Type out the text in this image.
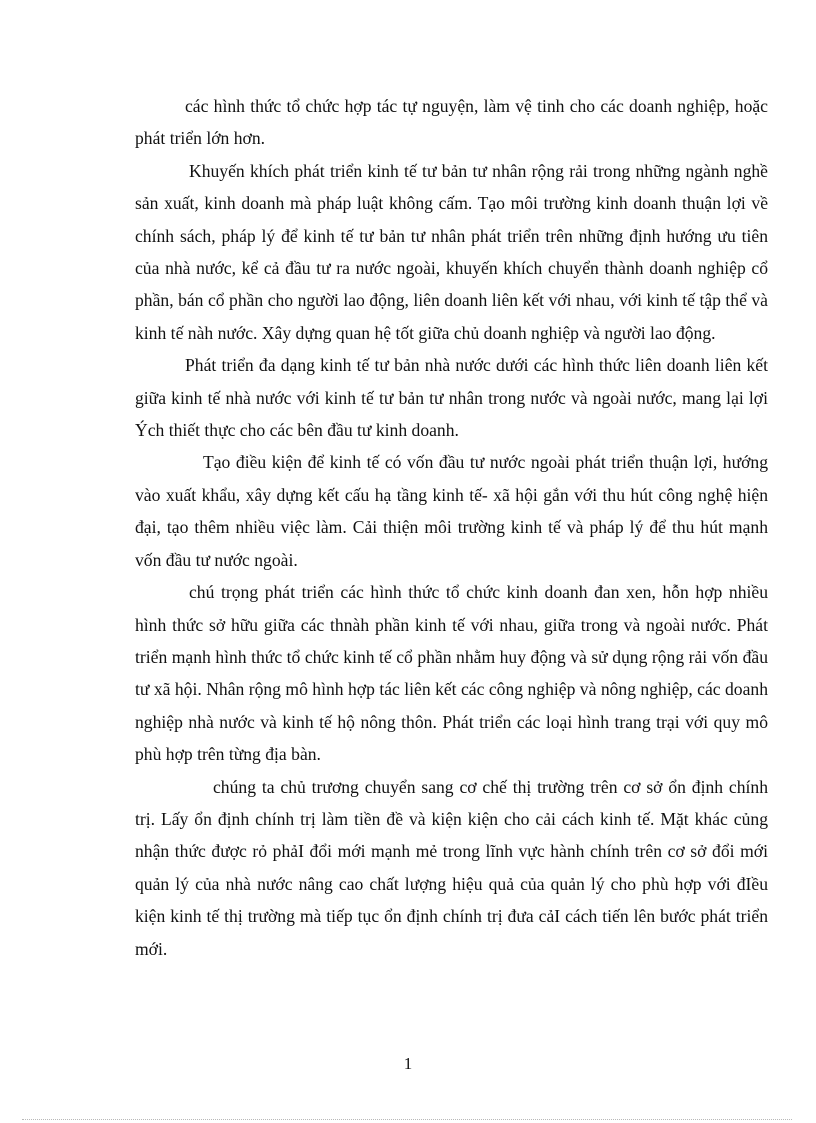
các hình thức tổ chức hợp tác tự nguyện, làm vệ tinh cho các doanh nghiệp, hoặc phát triển lớn hơn.

Khuyến khích phát triển kinh tế tư bản tư nhân rộng rải trong những ngành nghề sản xuất, kinh doanh mà pháp luật không cấm. Tạo môi trường kinh doanh thuận lợi về chính sách, pháp lý để kinh tế tư bản tư nhân phát triển trên những định hướng ưu tiên của nhà nước, kể cả đầu tư ra nước ngoài, khuyến khích chuyển thành doanh nghiệp cổ phần, bán cổ phần cho người lao động, liên doanh liên kết với nhau, với kinh tế tập thể và kinh tế nàh nước. Xây dựng quan hệ tốt giữa chủ doanh nghiệp và người lao động.

Phát triển đa dạng kinh tế tư bản nhà nước dưới các hình thức liên doanh liên kết giữa kinh tế nhà nước với kinh tế tư bản tư nhân trong nước và ngoài nước, mang lại lợi Ých thiết thực cho các bên đầu tư kinh doanh.

Tạo điều kiện để kinh tế có vốn đầu tư nước ngoài phát triển thuận lợi, hướng vào xuất khẩu, xây dựng kết cấu hạ tầng kinh tế- xã hội gắn với thu hút công nghệ hiện đại, tạo thêm nhiều việc làm. Cải thiện môi trường kinh tế và pháp lý để thu hút mạnh vốn đầu tư nước ngoài.

chú trọng phát triển các hình thức tổ chức kinh doanh đan xen, hỗn hợp nhiều hình thức sở hữu giữa các thnàh phần kinh tế với nhau, giữa trong và ngoài nước. Phát triển mạnh hình thức tổ chức kinh tế cổ phần nhằm huy động và sử dụng rộng rải vốn đầu tư xã hội. Nhân rộng mô hình hợp tác liên kết các công nghiệp và nông nghiệp, các doanh nghiệp nhà nước và kinh tế hộ nông thôn. Phát triển các loại hình trang trại với quy mô phù hợp trên từng địa bàn.

chúng ta chủ trương chuyển sang cơ chế thị trường trên cơ sở ổn định chính trị. Lấy ổn định chính trị làm tiền đề và kiện kiện cho cải cách kinh tế. Mặt khác củng nhận thức được rỏ phảI đổi mới mạnh mẻ trong lĩnh vực hành chính trên cơ sở đổi mới quản lý của nhà nước nâng cao chất lượng hiệu quả của quản lý cho phù hợp với đIều kiện kinh tế thị trường mà tiếp tục ổn định chính trị đưa cảI cách tiến lên bước phát triển mới.

1
